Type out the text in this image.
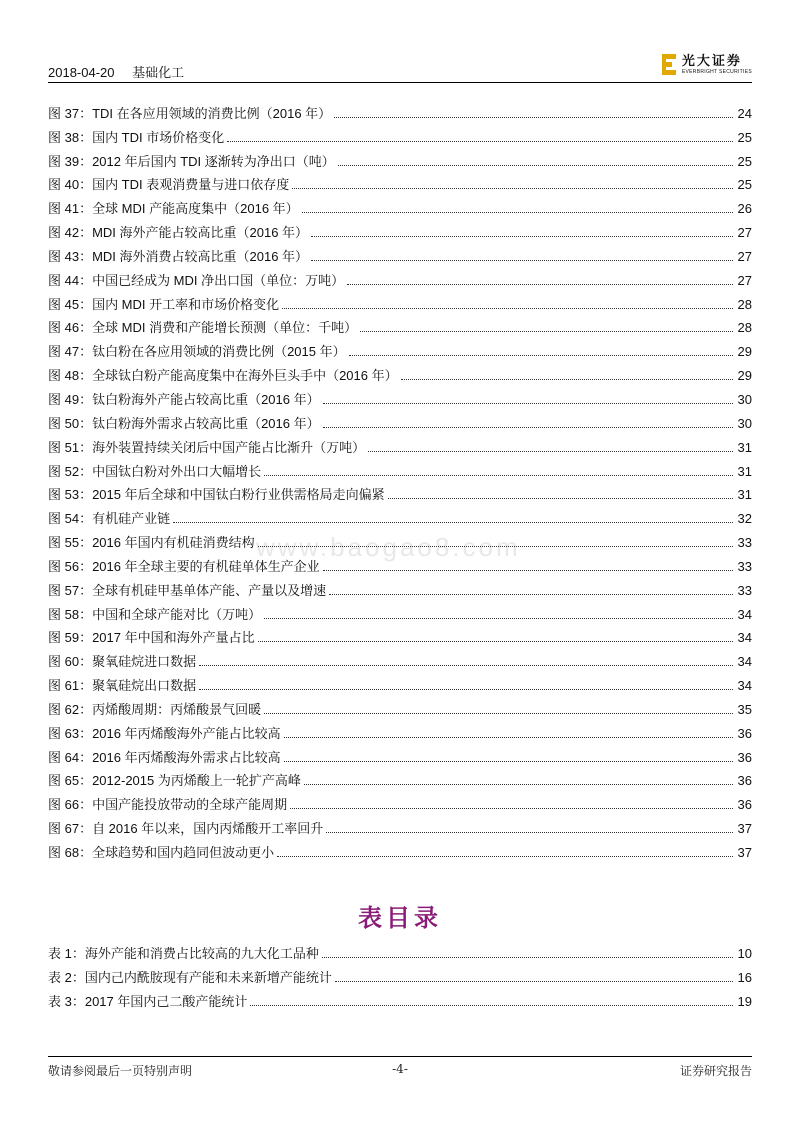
2018-04-20 基础化工
光大证券
EVERBRIGHT SECURITIES
www.baogao8.com
图 37：TDI 在各应用领域的消费比例（2016 年）	24
图 38：国内 TDI 市场价格变化	25
图 39：2012 年后国内 TDI 逐渐转为净出口（吨）	25
图 40：国内 TDI 表观消费量与进口依存度	25
图 41：全球 MDI 产能高度集中（2016 年）	26
图 42：MDI 海外产能占较高比重（2016 年）	27
图 43：MDI 海外消费占较高比重（2016 年）	27
图 44：中国已经成为 MDI 净出口国（单位：万吨）	27
图 45：国内 MDI 开工率和市场价格变化	28
图 46：全球 MDI 消费和产能增长预测（单位：千吨）	28
图 47：钛白粉在各应用领域的消费比例（2015 年）	29
图 48：全球钛白粉产能高度集中在海外巨头手中（2016 年）	29
图 49：钛白粉海外产能占较高比重（2016 年）	30
图 50：钛白粉海外需求占较高比重（2016 年）	30
图 51：海外装置持续关闭后中国产能占比渐升（万吨）	31
图 52：中国钛白粉对外出口大幅增长	31
图 53：2015 年后全球和中国钛白粉行业供需格局走向偏紧	31
图 54：有机硅产业链	32
图 55：2016 年国内有机硅消费结构	33
图 56：2016 年全球主要的有机硅单体生产企业	33
图 57：全球有机硅甲基单体产能、产量以及增速	33
图 58：中国和全球产能对比（万吨）	34
图 59：2017 年中国和海外产量占比	34
图 60：聚氧硅烷进口数据	34
图 61：聚氧硅烷出口数据	34
图 62：丙烯酸周期：丙烯酸景气回暖	35
图 63：2016 年丙烯酸海外产能占比较高	36
图 64：2016 年丙烯酸海外需求占比较高	36
图 65：2012-2015 为丙烯酸上一轮扩产高峰	36
图 66：中国产能投放带动的全球产能周期	36
图 67：自 2016 年以来，国内丙烯酸开工率回升	37
图 68：全球趋势和国内趋同但波动更小	37
表目录
表 1：海外产能和消费占比较高的九大化工品种	10
表 2：国内己内酰胺现有产能和未来新增产能统计	16
表 3：2017 年国内己二酸产能统计	19
敬请参阅最后一页特别声明	-4-	证券研究报告
